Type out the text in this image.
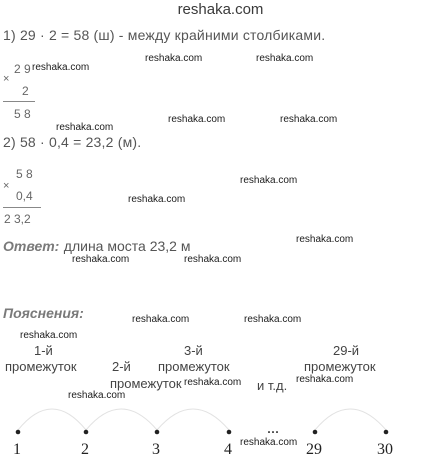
reshaka.com
1) 29 · 2 = 58 (ш) - между крайними столбиками.
×
2 9
2
5 8
2) 58 · 0,4 = 23,2 (м).
×
5 8
0,4
2 3,2
Ответ: длина моста 23,2 м
Пояснения:
1-й
промежуток	2-й
промежуток
3-й
промежуток
и т.д.
29-й
промежуток
1	2	3	4
...
29	30
reshaka.com
reshaka.com	reshaka.com
reshaka.com
reshaka.com	reshaka.com
reshaka.com
reshaka.com
reshaka.com
reshaka.com	reshaka.com
reshaka.com	reshaka.com
reshaka.com
reshaka.com	reshaka.com
reshaka.com
reshaka.com
